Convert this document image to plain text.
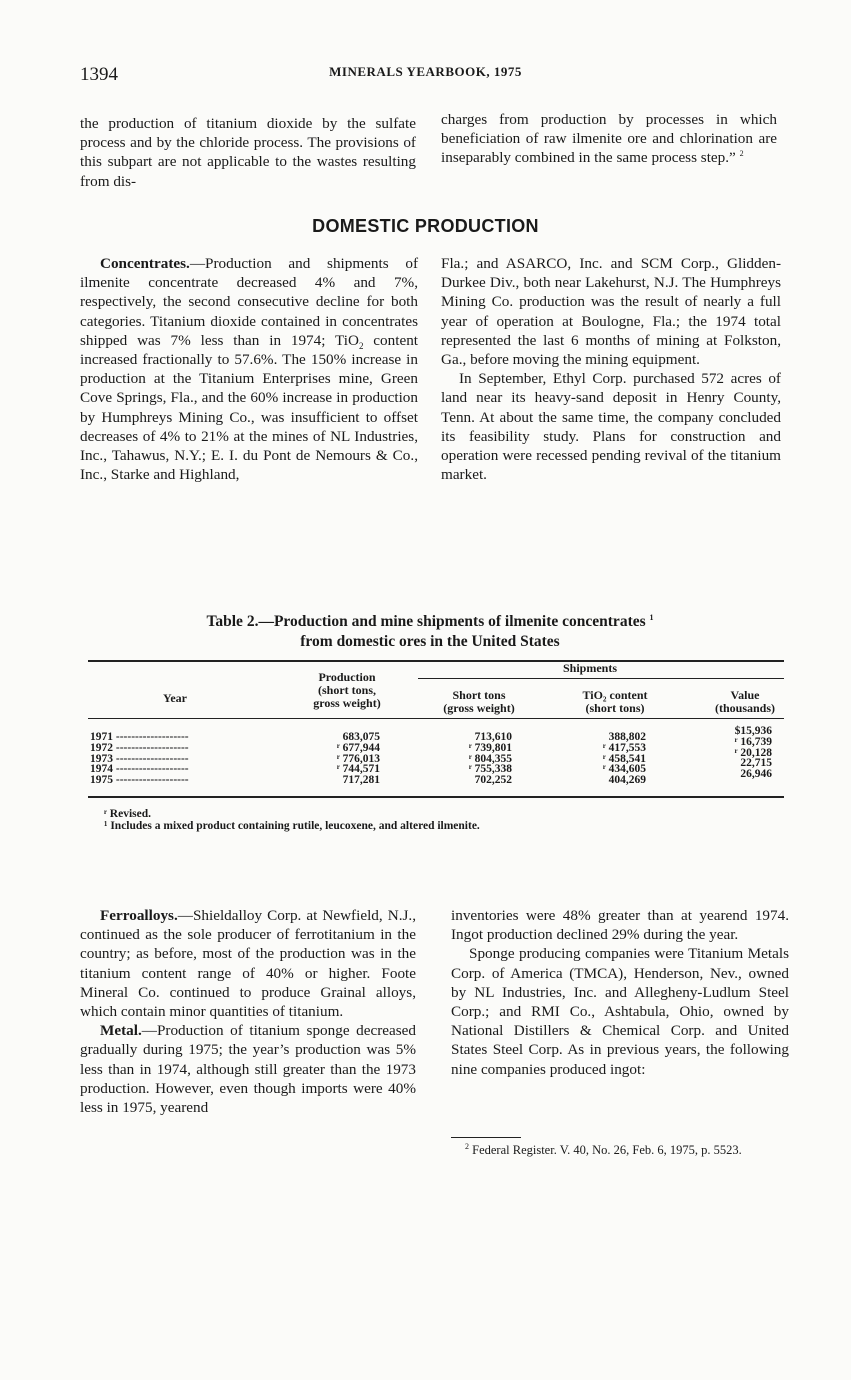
1394	MINERALS YEARBOOK, 1975

the production of titanium dioxide by the sulfate process and by the chloride process. The provisions of this subpart are not applicable to the wastes resulting from dis-

charges from production by processes in which beneficiation of raw ilmenite ore and chlorination are inseparably combined in the same process step.” $^2$

DOMESTIC PRODUCTION

Concentrates.—Production and shipments of ilmenite concentrate decreased 4% and 7%, respectively, the second consecutive decline for both categories. Titanium dioxide contained in concentrates shipped was 7% less than in 1974; TiO$_2$ content increased fractionally to 57.6%. The 150% increase in production at the Titanium Enterprises mine, Green Cove Springs, Fla., and the 60% increase in production by Humphreys Mining Co., was insufficient to offset decreases of 4% to 21% at the mines of NL Industries, Inc., Tahawus, N.Y.; E. I. du Pont de Nemours & Co., Inc., Starke and Highland,

Fla.; and ASARCO, Inc. and SCM Corp., Glidden-Durkee Div., both near Lakehurst, N.J. The Humphreys Mining Co. production was the result of nearly a full year of operation at Boulogne, Fla.; the 1974 total represented the last 6 months of mining at Folkston, Ga., before moving the mining equipment.

In September, Ethyl Corp. purchased 572 acres of land near its heavy-sand deposit in Henry County, Tenn. At about the same time, the company concluded its feasibility study. Plans for construction and operation were recessed pending revival of the titanium market.

Table 2.—Production and mine shipments of ilmenite concentrates $^1$
from domestic ores in the United States
Year
Production
(short tons,
gross weight)
Shipments
Short tons
(gross weight)
TiO₂ content
(short tons)
Value
(thousands)
1971 -------------------
1972 -------------------
1973 -------------------
1974 -------------------
1975 -------------------
683,075
ʳ 677,944
ʳ 776,013
ʳ 744,571
717,281
713,610
ʳ 739,801
ʳ 804,355
ʳ 755,338
702,252
388,802
ʳ 417,553
ʳ 458,541
ʳ 434,605
404,269
$15,936
ʳ 16,739
ʳ 20,128
22,715
26,946
ʳ Revised.
¹ Includes a mixed product containing rutile, leucoxene, and altered ilmenite.

Ferroalloys.—Shieldalloy Corp. at Newfield, N.J., continued as the sole producer of ferrotitanium in the country; as before, most of the production was in the titanium content range of 40% or higher. Foote Mineral Co. continued to produce Grainal alloys, which contain minor quantities of titanium.

Metal.—Production of titanium sponge decreased gradually during 1975; the year’s production was 5% less than in 1974, although still greater than the 1973 production. However, even though imports were 40% less in 1975, yearend

inventories were 48% greater than at yearend 1974. Ingot production declined 29% during the year.

Sponge producing companies were Titanium Metals Corp. of America (TMCA), Henderson, Nev., owned by NL Industries, Inc. and Allegheny-Ludlum Steel Corp.; and RMI Co., Ashtabula, Ohio, owned by National Distillers & Chemical Corp. and United States Steel Corp. As in previous years, the following nine companies produced ingot:

$^2$ Federal Register. V. 40, No. 26, Feb. 6, 1975, p. 5523.
